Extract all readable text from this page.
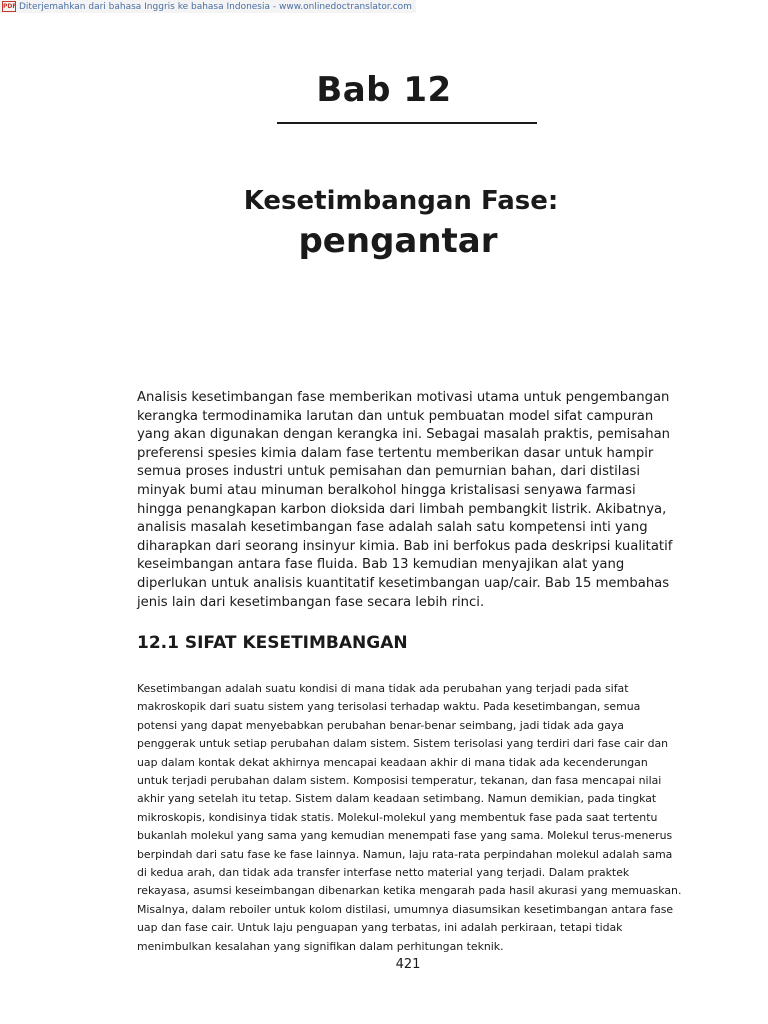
PDF Diterjemahkan dari bahasa Inggris ke bahasa Indonesia - www.onlinedoctranslator.com
Bab 12
Kesetimbangan Fase:
pengantar

Analisis kesetimbangan fase memberikan motivasi utama untuk pengembangan kerangka termodinamika larutan dan untuk pembuatan model sifat campuran yang akan digunakan dengan kerangka ini. Sebagai masalah praktis, pemisahan preferensi spesies kimia dalam fase tertentu memberikan dasar untuk hampir semua proses industri untuk pemisahan dan pemurnian bahan, dari distilasi minyak bumi atau minuman beralkohol hingga kristalisasi senyawa farmasi hingga penangkapan karbon dioksida dari limbah pembangkit listrik. Akibatnya, analisis masalah kesetimbangan fase adalah salah satu kompetensi inti yang diharapkan dari seorang insinyur kimia. Bab ini berfokus pada deskripsi kualitatif keseimbangan antara fase fluida. Bab 13 kemudian menyajikan alat yang diperlukan untuk analisis kuantitatif kesetimbangan uap/cair. Bab 15 membahas jenis lain dari kesetimbangan fase secara lebih rinci.

12.1 SIFAT KESETIMBANGAN

Kesetimbangan adalah suatu kondisi di mana tidak ada perubahan yang terjadi pada sifat makroskopik dari suatu sistem yang terisolasi terhadap waktu. Pada kesetimbangan, semua potensi yang dapat menyebabkan perubahan benar-benar seimbang, jadi tidak ada gaya penggerak untuk setiap perubahan dalam sistem. Sistem terisolasi yang terdiri dari fase cair dan uap dalam kontak dekat akhirnya mencapai keadaan akhir di mana tidak ada kecenderungan untuk terjadi perubahan dalam sistem. Komposisi temperatur, tekanan, dan fasa mencapai nilai akhir yang setelah itu tetap. Sistem dalam keadaan setimbang. Namun demikian, pada tingkat mikroskopis, kondisinya tidak statis. Molekul-molekul yang membentuk fase pada saat tertentu bukanlah molekul yang sama yang kemudian menempati fase yang sama. Molekul terus-menerus berpindah dari satu fase ke fase lainnya. Namun, laju rata-rata perpindahan molekul adalah sama di kedua arah, dan tidak ada transfer interfase netto material yang terjadi. Dalam praktek rekayasa, asumsi keseimbangan dibenarkan ketika mengarah pada hasil akurasi yang memuaskan. Misalnya, dalam reboiler untuk kolom distilasi, umumnya diasumsikan kesetimbangan antara fase uap dan fase cair. Untuk laju penguapan yang terbatas, ini adalah perkiraan, tetapi tidak menimbulkan kesalahan yang signifikan dalam perhitungan teknik.

421
